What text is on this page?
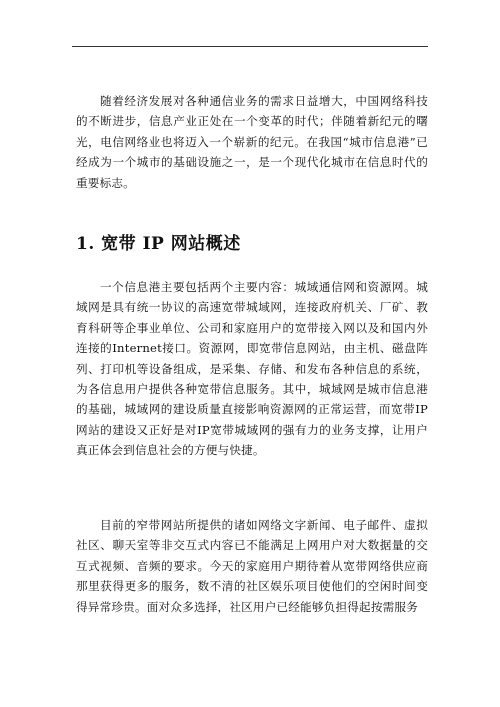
随着经济发展对各种通信业务的需求日益增大，中国网络科技的不断进步，信息产业正处在一个变革的时代；伴随着新纪元的曙光，电信网络业也将迈入一个崭新的纪元。在我国“城市信息港”已经成为一个城市的基础设施之一，是一个现代化城市在信息时代的重要标志。

1. 宽带 IP 网站概述

一个信息港主要包括两个主要内容：城域通信网和资源网。城域网是具有统一协议的高速宽带城域网，连接政府机关、厂矿、教育科研等企事业单位、公司和家庭用户的宽带接入网以及和国内外连接的Internet接口。资源网，即宽带信息网站，由主机、磁盘阵列、打印机等设备组成，是采集、存储、和发布各种信息的系统，为各信息用户提供各种宽带信息服务。其中，城域网是城市信息港的基础，城域网的建设质量直接影响资源网的正常运营，而宽带IP网站的建设又正好是对IP宽带城域网的强有力的业务支撑，让用户真正体会到信息社会的方便与快捷。

目前的窄带网站所提供的诸如网络文字新闻、电子邮件、虚拟社区、聊天室等非交互式内容已不能满足上网用户对大数据量的交互式视频、音频的要求。今天的家庭用户期待着从宽带网络供应商那里获得更多的服务，数不清的社区娱乐项目使他们的空闲时间变得异常珍贵。面对众多选择，社区用户已经能够负担得起按需服务
